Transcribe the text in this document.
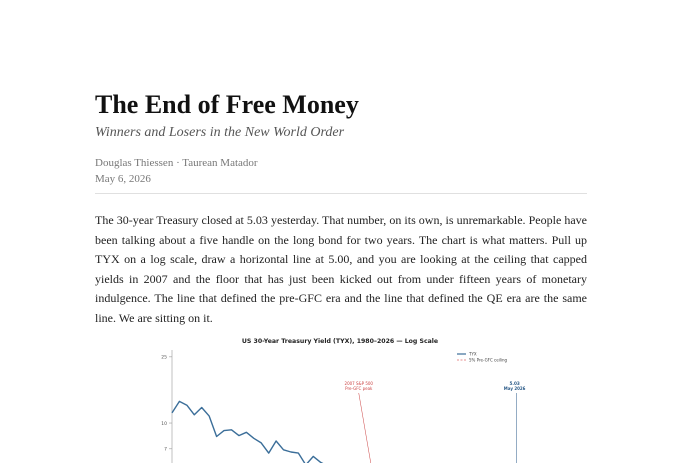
The End of Free Money
Winners and Losers in the New World Order
Douglas Thiessen · Taurean Matador
May 6, 2026

The 30-year Treasury closed at 5.03 yesterday. That number, on its own, is unremarkable. People have been talking about a five handle on the long bond for two years. The chart is what matters. Pull up TYX on a log scale, draw a horizontal line at 5.00, and you are looking at the ceiling that capped yields in 2007 and the floor that has just been kicked out from under fifteen years of monetary indulgence. The line that defined the pre-GFC era and the line that defined the QE era are the same line. We are sitting on it.

US 30-Year Treasury Yield (TYX), 1980–2026 — Log Scale
25
10
7
2007 S&P 500
Pre-GFC peak
5.03
May 2026
TYX
5% Pre-GFC ceiling
